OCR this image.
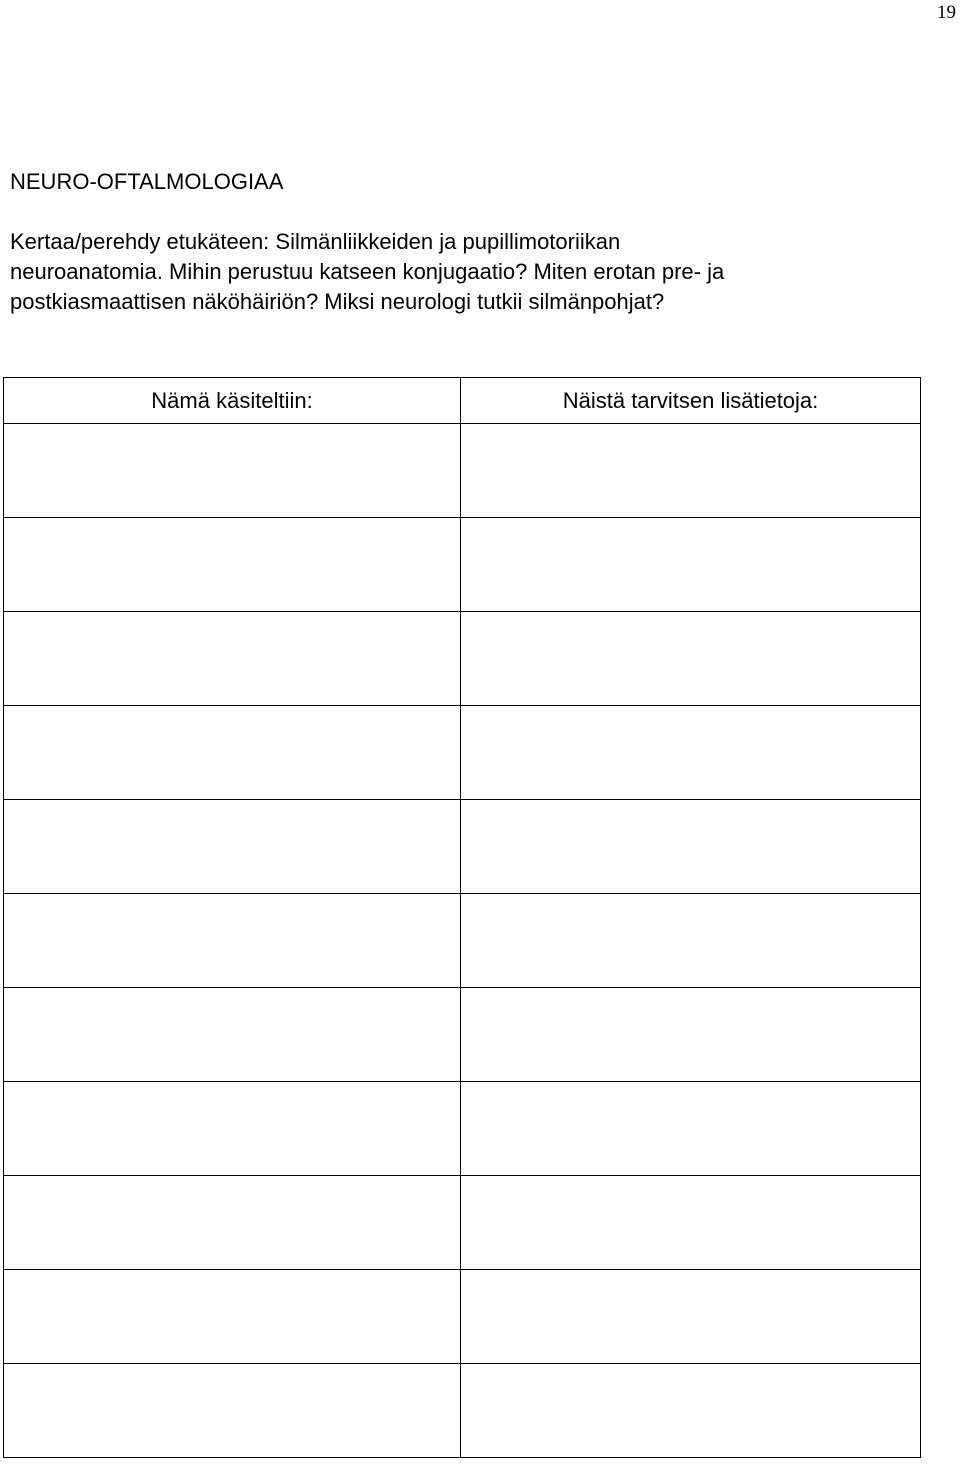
19
NEURO-OFTALMOLOGIAA

Kertaa/perehdy etukäteen: Silmänliikkeiden ja pupillimotoriikan
neuroanatomia. Mihin perustuu katseen konjugaatio? Miten erotan pre- ja
postkiasmaattisen näköhäiriön? Miksi neurologi tutkii silmänpohjat?

Nämä käsiteltiin:	Näistä tarvitsen lisätietoja:
